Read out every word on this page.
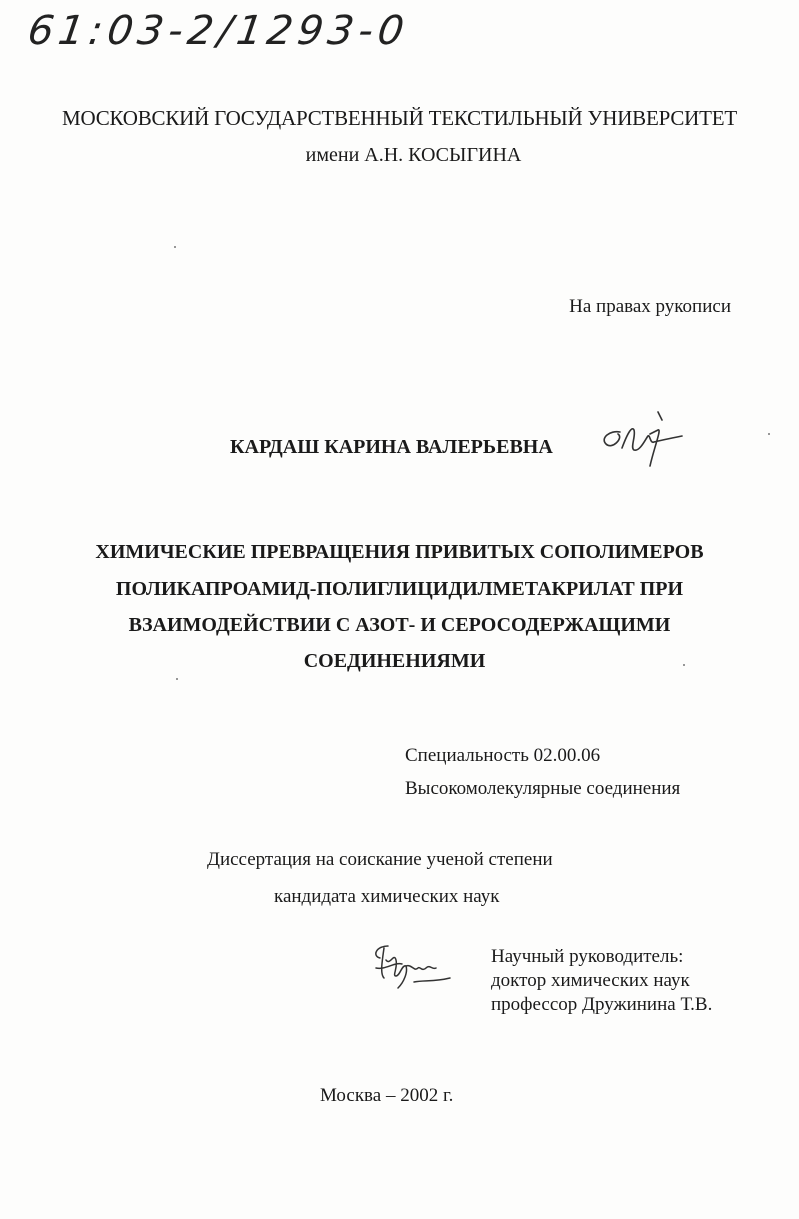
61:03-2/1293-0
МОСКОВСКИЙ ГОСУДАРСТВЕННЫЙ ТЕКСТИЛЬНЫЙ УНИВЕРСИТЕТ
имени А.Н. КОСЫГИНА
На правах рукописи
КАРДАШ КАРИНА ВАЛЕРЬЕВНА
ХИМИЧЕСКИЕ ПРЕВРАЩЕНИЯ ПРИВИТЫХ СОПОЛИМЕРОВ
ПОЛИКАПРОАМИД-ПОЛИГЛИЦИДИЛМЕТАКРИЛАТ ПРИ
ВЗАИМОДЕЙСТВИИ С АЗОТ- И СЕРОСОДЕРЖАЩИМИ
СОЕДИНЕНИЯМИ
Специальность 02.00.06
Высокомолекулярные соединения
Диссертация на соискание ученой степени
кандидата химических наук
Научный руководитель:
доктор химических наук
профессор Дружинина Т.В.
Москва – 2002 г.
